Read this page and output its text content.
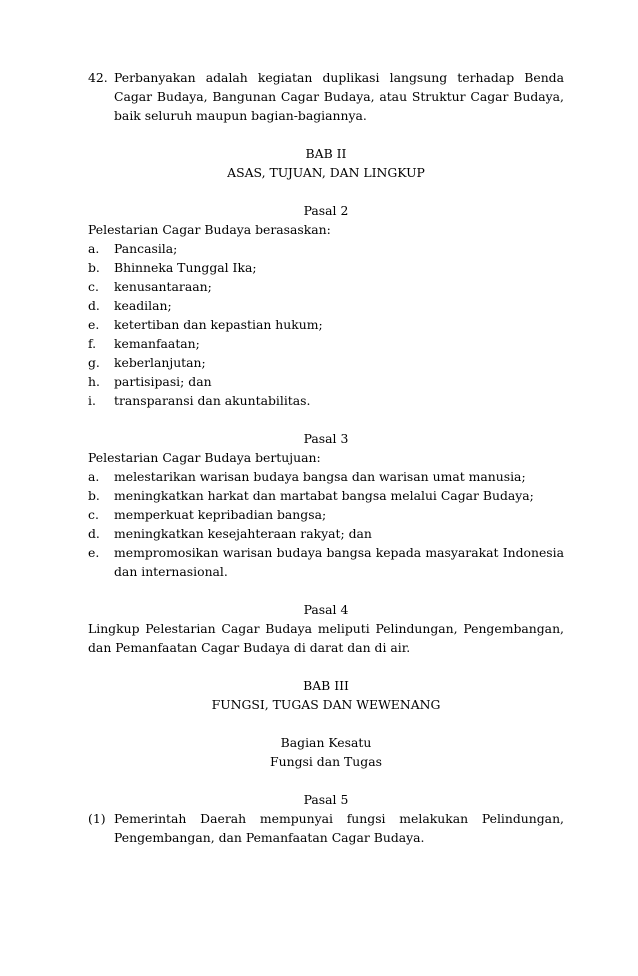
42. Perbanyakan adalah kegiatan duplikasi langsung terhadap Benda Cagar Budaya, Bangunan Cagar Budaya, atau Struktur Cagar Budaya, baik seluruh maupun bagian-bagiannya.
BAB II
ASAS, TUJUAN, DAN LINGKUP
Pasal 2
Pelestarian Cagar Budaya berasaskan:
a. Pancasila;
b. Bhinneka Tunggal Ika;
c. kenusantaraan;
d. keadilan;
e. ketertiban dan kepastian hukum;
f. kemanfaatan;
g. keberlanjutan;
h. partisipasi; dan
i. transparansi dan akuntabilitas.
Pasal 3
Pelestarian Cagar Budaya bertujuan:
a. melestarikan warisan budaya bangsa dan warisan umat manusia;
b. meningkatkan harkat dan martabat bangsa melalui Cagar Budaya;
c. memperkuat kepribadian bangsa;
d. meningkatkan kesejahteraan rakyat; dan
e. mempromosikan warisan budaya bangsa kepada masyarakat Indonesia dan internasional.
Pasal 4
Lingkup Pelestarian Cagar Budaya meliputi Pelindungan, Pengembangan, dan Pemanfaatan Cagar Budaya di darat dan di air.
BAB III
FUNGSI, TUGAS DAN WEWENANG
Bagian Kesatu
Fungsi dan Tugas
Pasal 5
(1) Pemerintah Daerah mempunyai fungsi melakukan Pelindungan, Pengembangan, dan Pemanfaatan Cagar Budaya.
